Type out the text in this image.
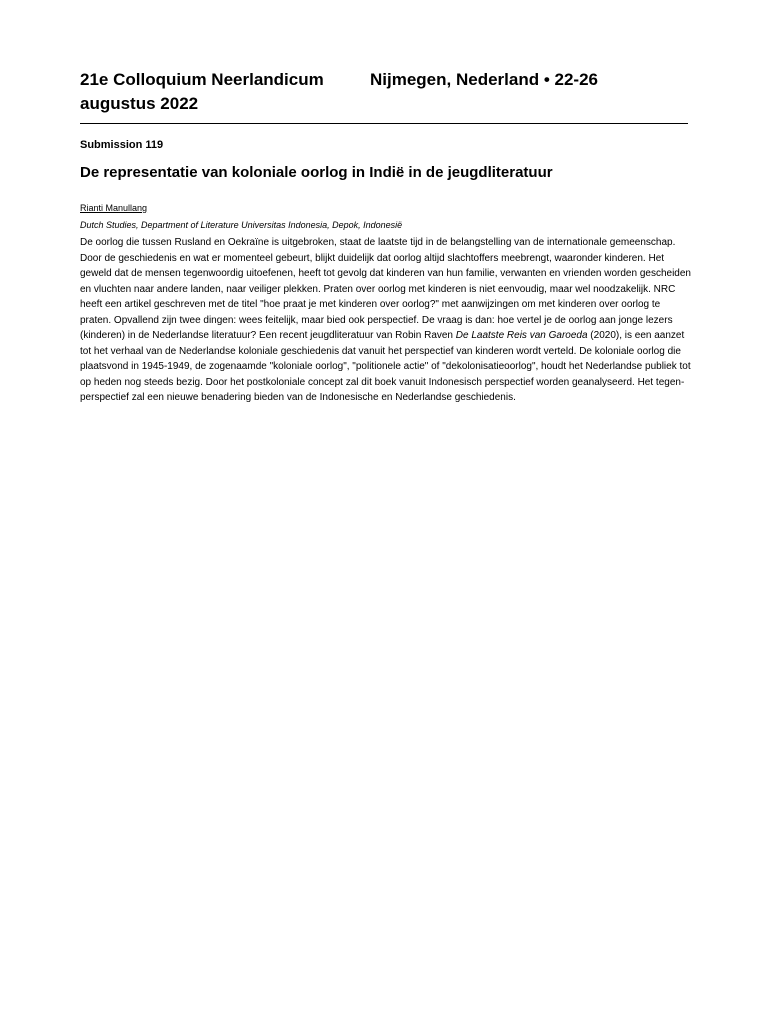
21e Colloquium Neerlandicum	Nijmegen, Nederland • 22-26
augustus 2022
Submission 119
De representatie van koloniale oorlog in Indië in de jeugdliteratuur
Rianti Manullang
Dutch Studies, Department of Literature Universitas Indonesia, Depok, Indonesië
De oorlog die tussen Rusland en Oekraïne is uitgebroken, staat de laatste tijd in de belangstelling van de internationale gemeenschap. Door de geschiedenis en wat er momenteel gebeurt, blijkt duidelijk dat oorlog altijd slachtoffers meebrengt, waaronder kinderen. Het geweld dat de mensen tegenwoordig uitoefenen, heeft tot gevolg dat kinderen van hun familie, verwanten en vrienden worden gescheiden en vluchten naar andere landen, naar veiliger plekken. Praten over oorlog met kinderen is niet eenvoudig, maar wel noodzakelijk. NRC heeft een artikel geschreven met de titel "hoe praat je met kinderen over oorlog?" met aanwijzingen om met kinderen over oorlog te praten. Opvallend zijn twee dingen: wees feitelijk, maar bied ook perspectief. De vraag is dan: hoe vertel je de oorlog aan jonge lezers (kinderen) in de Nederlandse literatuur? Een recent jeugdliteratuur van Robin Raven De Laatste Reis van Garoeda (2020), is een aanzet tot het verhaal van de Nederlandse koloniale geschiedenis dat vanuit het perspectief van kinderen wordt verteld. De koloniale oorlog die plaatsvond in 1945-1949, de zogenaamde "koloniale oorlog", "politionele actie" of "dekolonisatieoorlog", houdt het Nederlandse publiek tot op heden nog steeds bezig. Door het postkoloniale concept zal dit boek vanuit Indonesisch perspectief worden geanalyseerd. Het tegen-perspectief zal een nieuwe benadering bieden van de Indonesische en Nederlandse geschiedenis.
